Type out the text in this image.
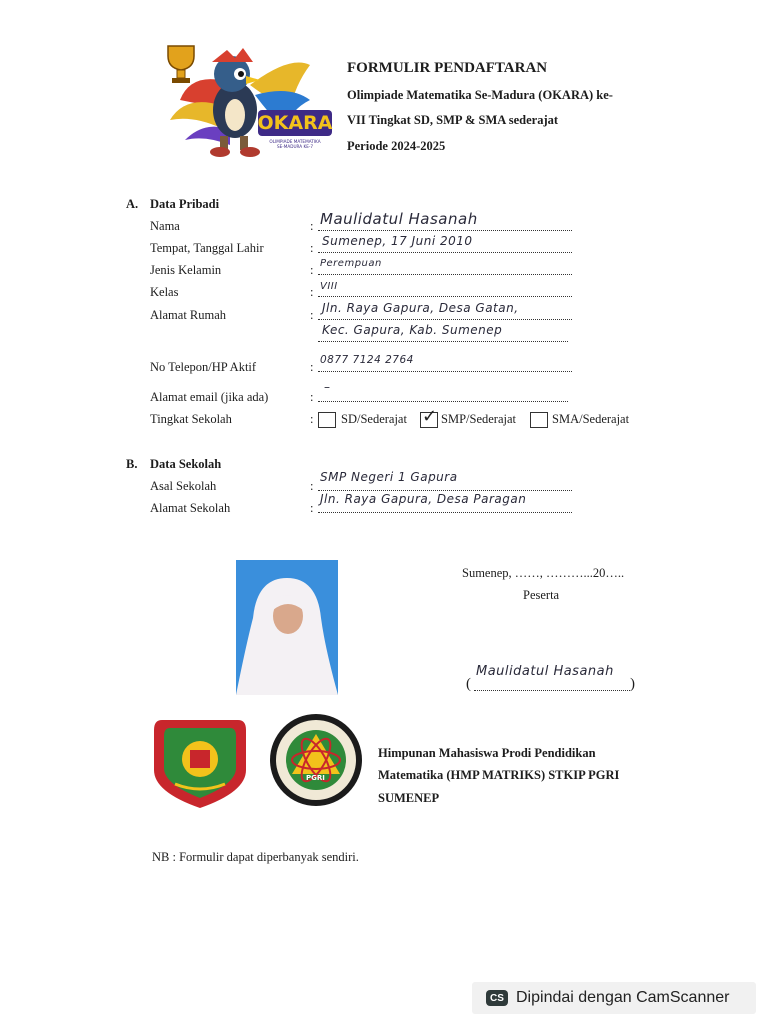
OKARA
OLIMPIADE MATEMATIKA
SE-MADURA KE-7
FORMULIR PENDAFTARAN
Olimpiade Matematika Se-Madura (OKARA) ke-
VII Tingkat SD, SMP & SMA sederajat
Periode 2024-2025
A. Data Pribadi
Nama	: Maulidatul Hasanah
Tempat, Tanggal Lahir	: Sumenep, 17 Juni 2010
Jenis Kelamin	: Perempuan
Kelas	: VIII
Alamat Rumah	: Jln. Raya Gapura, Desa Gatan,
Kec. Gapura, Kab. Sumenep
No Telepon/HP Aktif	: 0877 7124 2764
Alamat email (jika ada)	:
–
Tingkat Sekolah	: SD/Sederajat ✓ SMP/Sederajat	SMA/Sederajat
B. Data Sekolah
Asal Sekolah	:
SMP Negeri 1 Gapura
Alamat Sekolah	:
Jln. Raya Gapura, Desa Paragan
Sumenep, ……, ………...20…..
Peserta
Maulidatul Hasanah
(	)
PGRI
Himpunan Mahasiswa Prodi Pendidikan
Matematika (HMP MATRIKS) STKIP PGRI
SUMENEP
NB : Formulir dapat diperbanyak sendiri.
CS Dipindai dengan CamScanner
